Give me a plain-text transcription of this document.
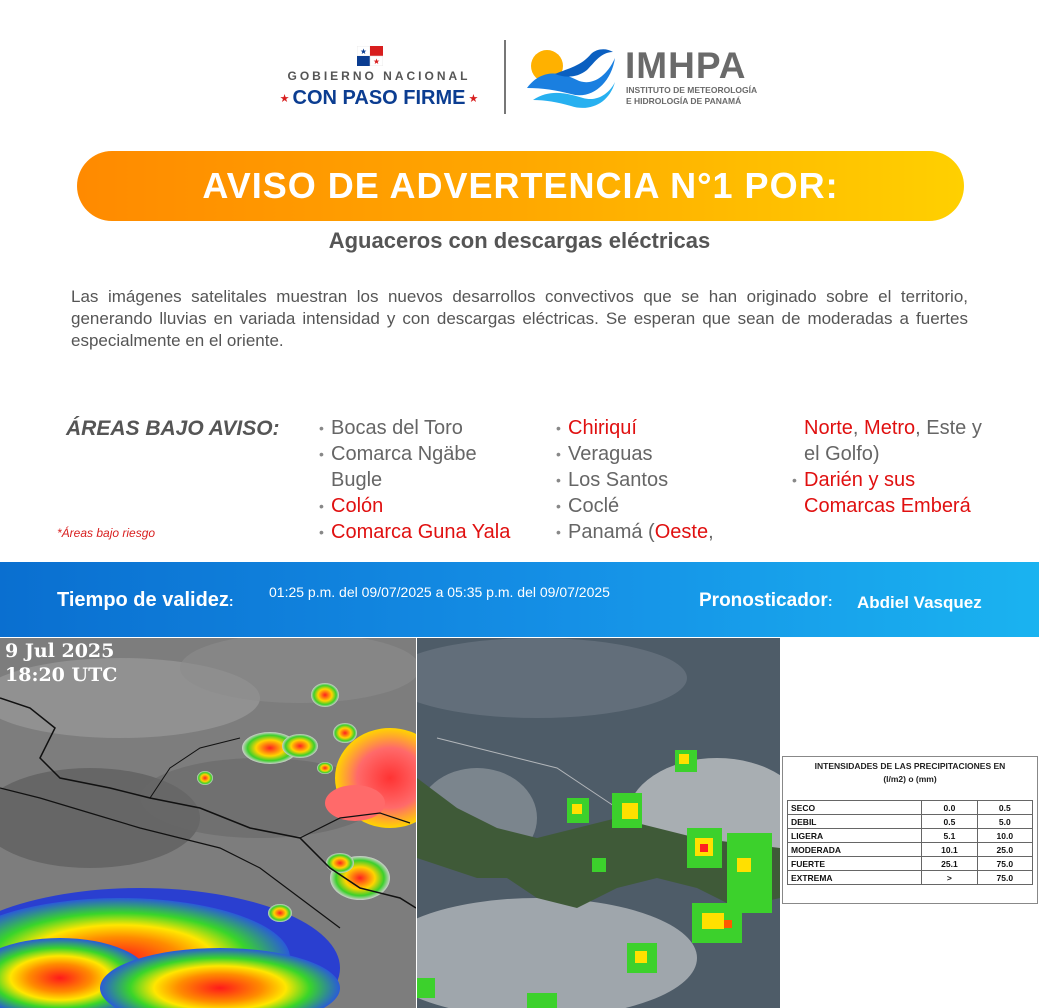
GOBIERNO NACIONAL
★ CON PASO FIRME ★
IMHPA
INSTITUTO DE METEOROLOGÍA
E HIDROLOGÍA DE PANAMÁ
AVISO DE ADVERTENCIA N°1 POR:
Aguaceros con descargas eléctricas
Las imágenes satelitales muestran los nuevos desarrollos convectivos que se han originado sobre el territorio, generando lluvias en variada intensidad y con descargas eléctricas. Se esperan que sean de moderadas a fuertes especialmente en el oriente.
ÁREAS BAJO AVISO:
*Áreas bajo riesgo
• Bocas del Toro
• Comarca Ngäbe
Bugle
• Colón
• Comarca Guna Yala
• Chiriquí
• Veraguas
• Los Santos
• Coclé
• Panamá (Oeste,
Norte, Metro, Este y
el Golfo)
• Darién y sus
Comarcas Emberá
Tiempo de validez:
01:25 p.m. del 09/07/2025 a 05:35 p.m. del 09/07/2025	Pronosticador: Abdiel Vasquez
9 Jul 2025
18:20 UTC
INTENSIDADES DE LAS PRECIPITACIONES EN
(l/m2) o (mm)
SECO	0.0	0.5
DEBIL	0.5	5.0
LIGERA	5.1	10.0
MODERADA	10.1	25.0
FUERTE	25.1	75.0
EXTREMA	>	75.0
